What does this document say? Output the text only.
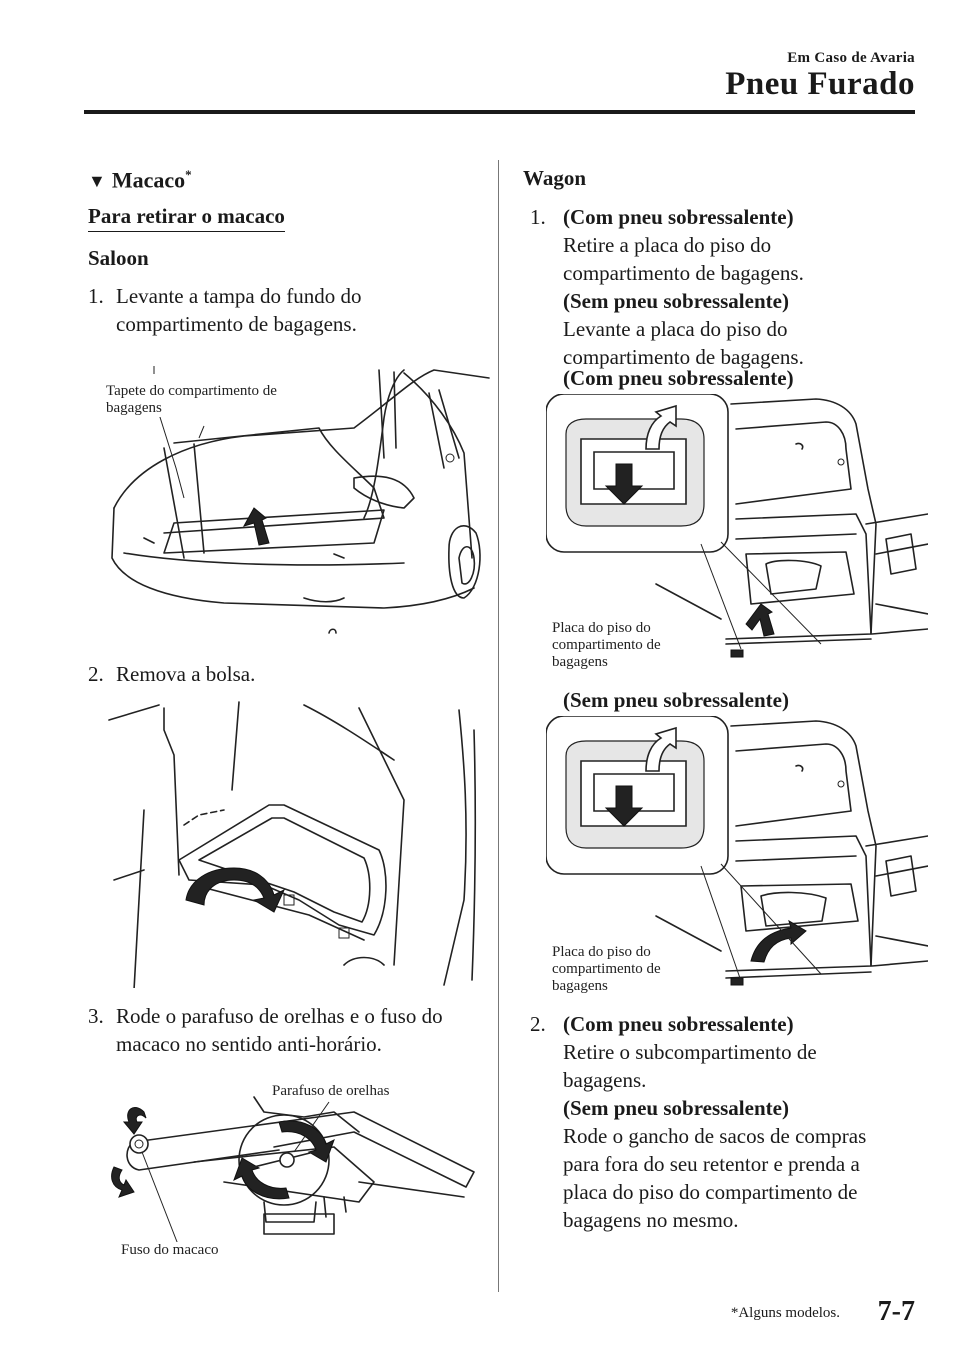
Em Caso de Avaria
Pneu Furado
▼ Macaco*
Para retirar o macaco
Saloon
1. Levante a tampa do fundo do compartimento de bagagens.
Tapete do compartimento de bagagens
2. Remova a bolsa.
3. Rode o parafuso de orelhas e o fuso do macaco no sentido anti-horário.
Parafuso de orelhas
Fuso do macaco
Wagon
1. (Com pneu sobressalente)
Retire a placa do piso do compartimento de bagagens.
(Sem pneu sobressalente)
Levante a placa do piso do compartimento de bagagens.
(Com pneu sobressalente)
Placa do piso do compartimento de bagagens
(Sem pneu sobressalente)
Placa do piso do compartimento de bagagens
2. (Com pneu sobressalente)
Retire o subcompartimento de bagagens.
(Sem pneu sobressalente)
Rode o gancho de sacos de compras para fora do seu retentor e prenda a placa do piso do compartimento de bagagens no mesmo.
*Alguns modelos. 7-7
